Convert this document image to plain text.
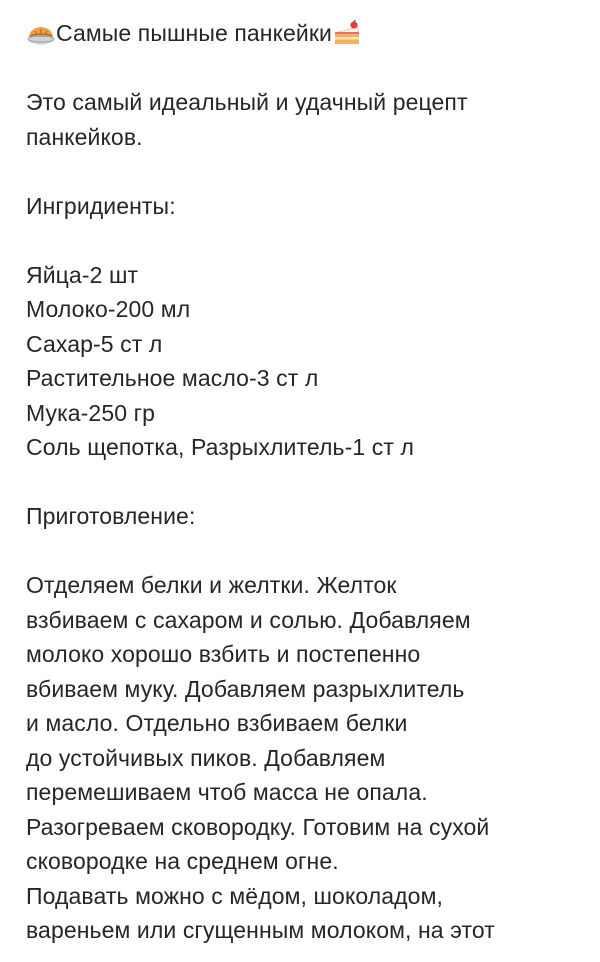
Самые пышные панкейки
Это самый идеальный и удачный рецепт
панкейков.
Ингридиенты:
Яйца-2 шт
Молоко-200 мл
Сахар-5 ст л
Растительное масло-3 ст л
Мука-250 гр
Соль щепотка, Разрыхлитель-1 ст л
Приготовление:
Отделяем белки и желтки. Желток
взбиваем с сахаром и солью. Добавляем
молоко хорошо взбить и постепенно
вбиваем муку. Добавляем разрыхлитель
и масло. Отдельно взбиваем белки
до устойчивых пиков. Добавляем
перемешиваем чтоб масса не опала.
Разогреваем сковородку. Готовим на сухой
сковородке на среднем огне.
Подавать можно с мёдом, шоколадом,
вареньем или сгущенным молоком, на этот
